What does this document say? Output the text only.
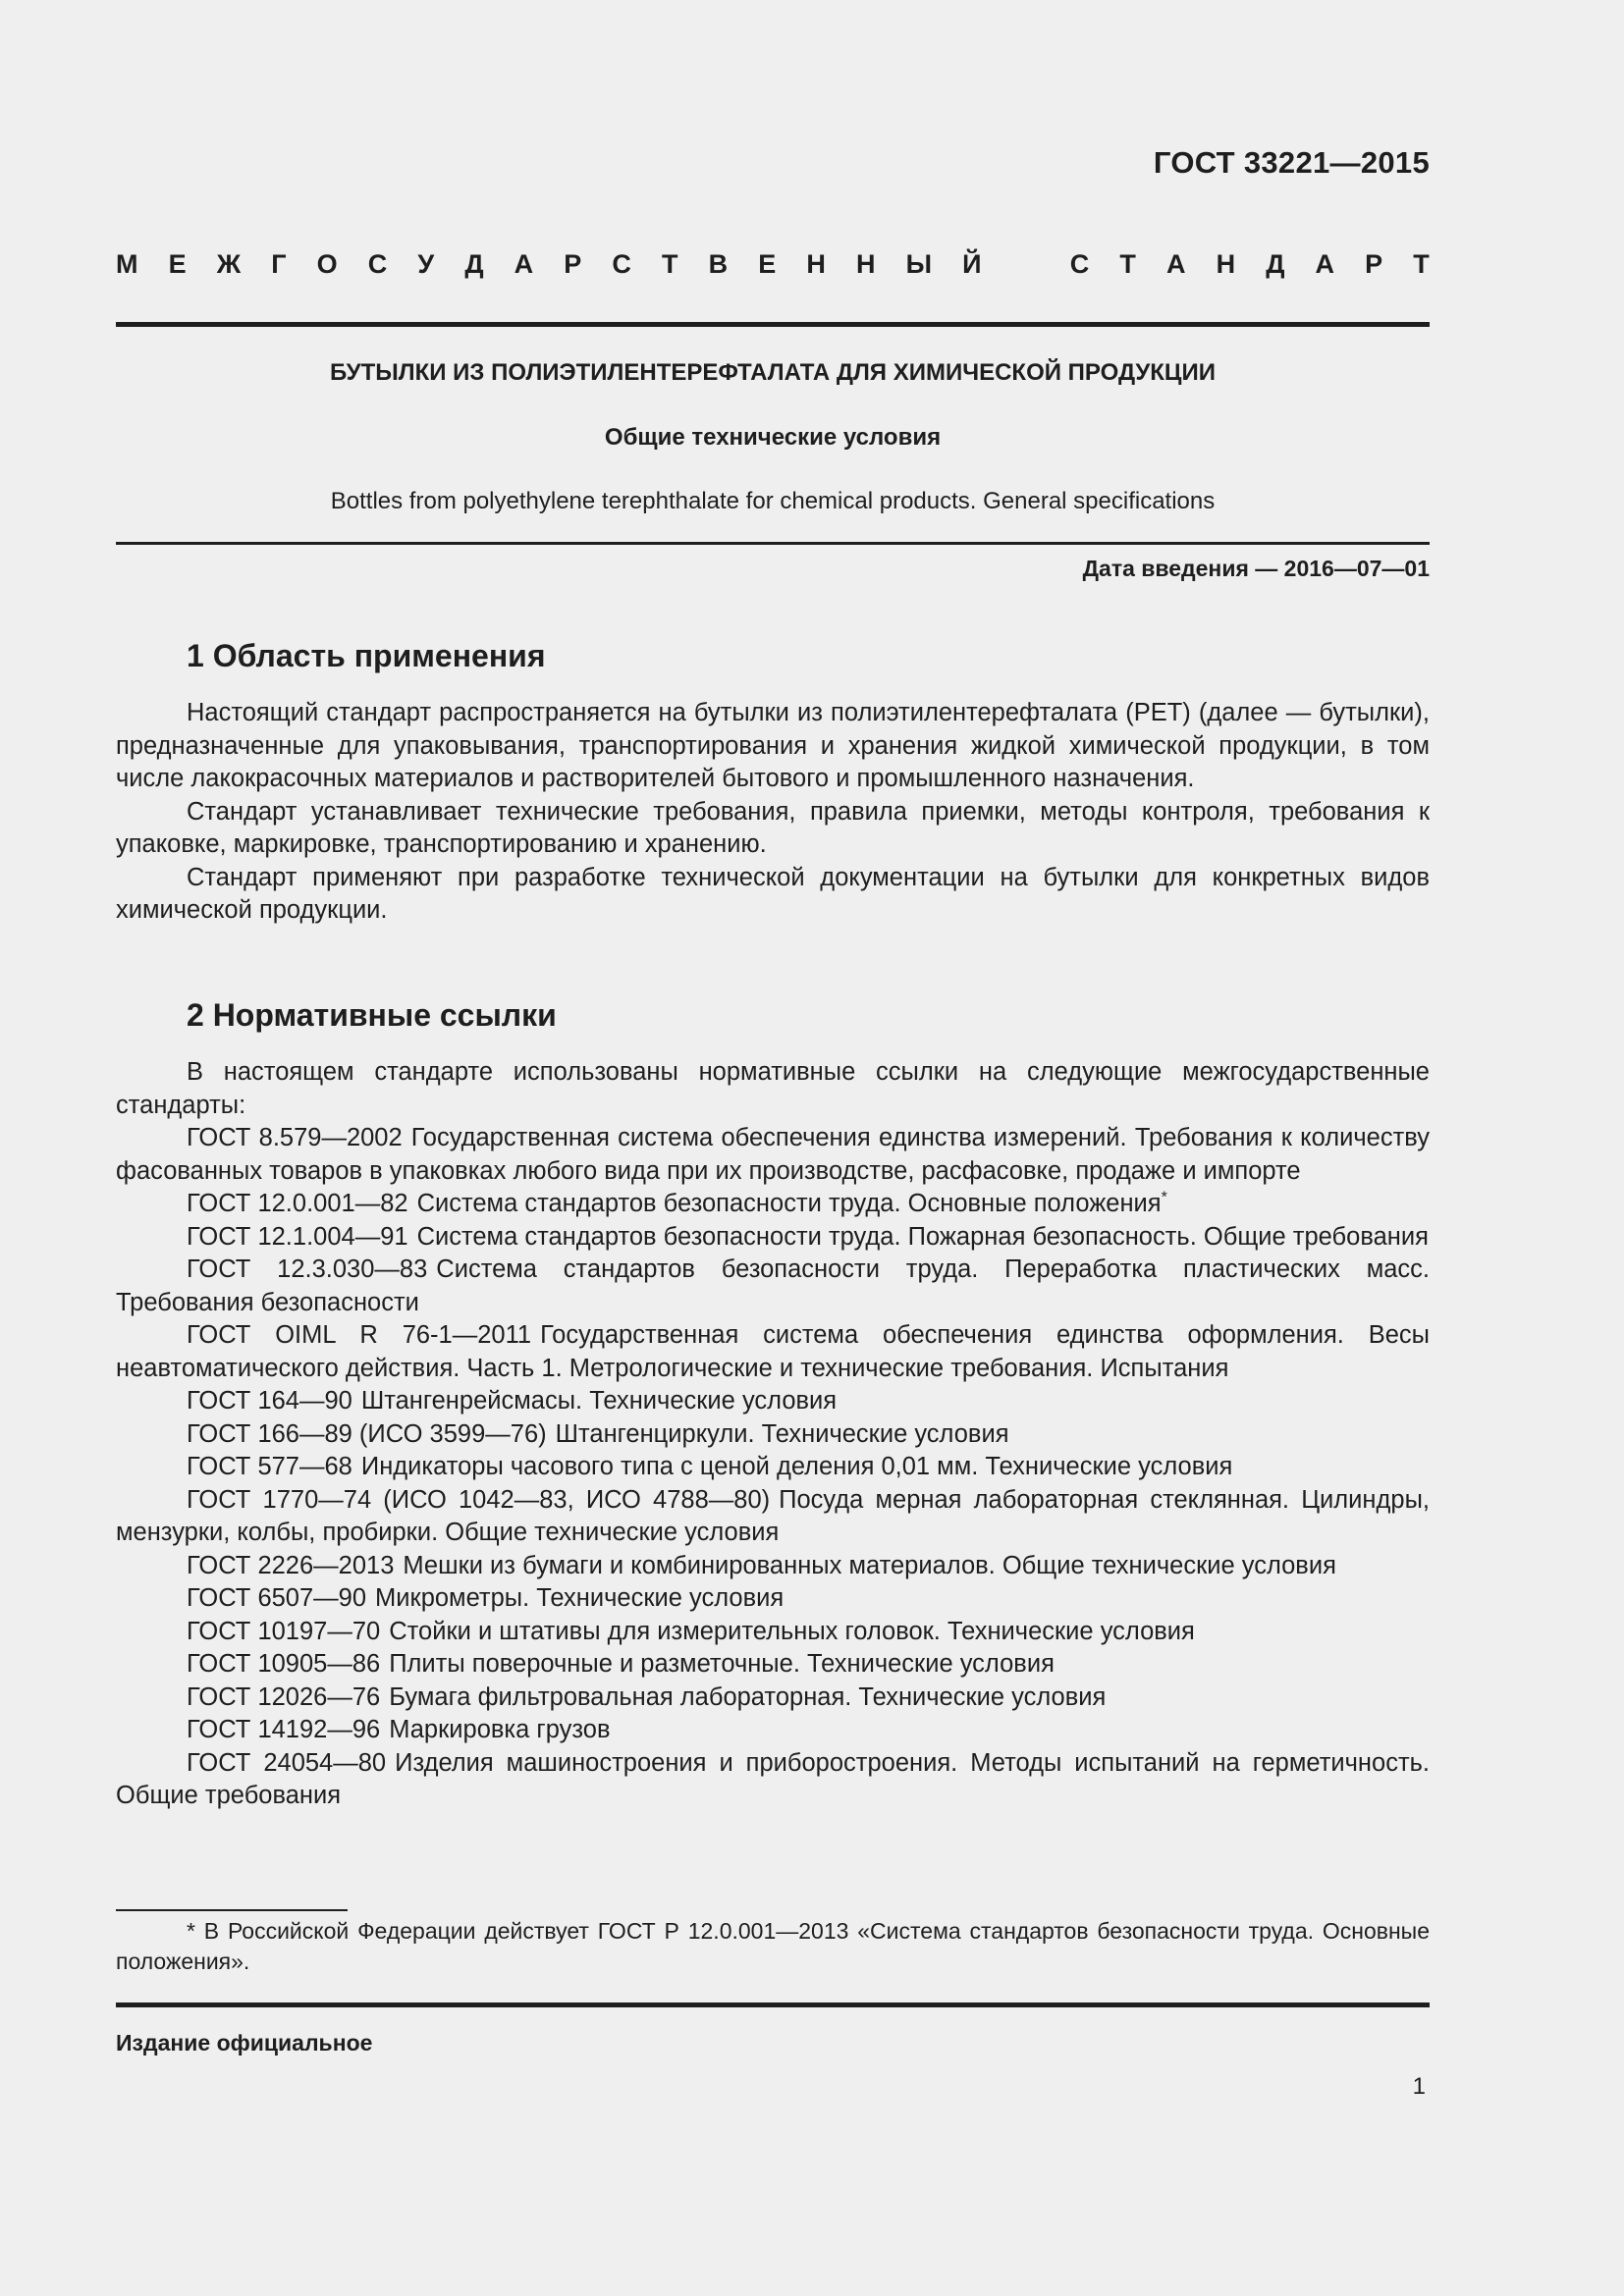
ГОСТ 33221—2015
М Е Ж Г О С У Д А Р С Т В Е Н Н Ы Й	С Т А Н Д А Р Т
БУТЫЛКИ ИЗ ПОЛИЭТИЛЕНТЕРЕФТАЛАТА ДЛЯ ХИМИЧЕСКОЙ ПРОДУКЦИИ
Общие технические условия
Bottles from polyethylene terephthalate for chemical products. General specifications
Дата введения — 2016—07—01
1 Область применения

Настоящий стандарт распространяется на бутылки из полиэтилентерефталата (PET) (далее — бутылки), предназначенные для упаковывания, транспортирования и хранения жидкой химической продукции, в том числе лакокрасочных материалов и растворителей бытового и промышленного назначения.

Стандарт устанавливает технические требования, правила приемки, методы контроля, требования к упаковке, маркировке, транспортированию и хранению.

Стандарт применяют при разработке технической документации на бутылки для конкретных видов химической продукции.

2 Нормативные ссылки

В настоящем стандарте использованы нормативные ссылки на следующие межгосударственные стандарты:

ГОСТ 8.579—2002 Государственная система обеспечения единства измерений. Требования к количеству фасованных товаров в упаковках любого вида при их производстве, расфасовке, продаже и импорте

ГОСТ 12.0.001—82 Система стандартов безопасности труда. Основные положения*

ГОСТ 12.1.004—91 Система стандартов безопасности труда. Пожарная безопасность. Общие требования

ГОСТ 12.3.030—83 Система стандартов безопасности труда. Переработка пластических масс. Требования безопасности

ГОСТ OIML R 76-1—2011 Государственная система обеспечения единства оформления. Весы неавтоматического действия. Часть 1. Метрологические и технические требования. Испытания

ГОСТ 164—90 Штангенрейсмасы. Технические условия

ГОСТ 166—89 (ИСО 3599—76) Штангенциркули. Технические условия

ГОСТ 577—68 Индикаторы часового типа с ценой деления 0,01 мм. Технические условия

ГОСТ 1770—74 (ИСО 1042—83, ИСО 4788—80) Посуда мерная лабораторная стеклянная. Цилиндры, мензурки, колбы, пробирки. Общие технические условия

ГОСТ 2226—2013 Мешки из бумаги и комбинированных материалов. Общие технические условия

ГОСТ 6507—90 Микрометры. Технические условия

ГОСТ 10197—70 Стойки и штативы для измерительных головок. Технические условия

ГОСТ 10905—86 Плиты поверочные и разметочные. Технические условия

ГОСТ 12026—76 Бумага фильтровальная лабораторная. Технические условия

ГОСТ 14192—96 Маркировка грузов

ГОСТ 24054—80 Изделия машиностроения и приборостроения. Методы испытаний на герметичность. Общие требования

* В Российской Федерации действует ГОСТ Р 12.0.001—2013 «Система стандартов безопасности труда. Основные положения».
Издание официальное
1
